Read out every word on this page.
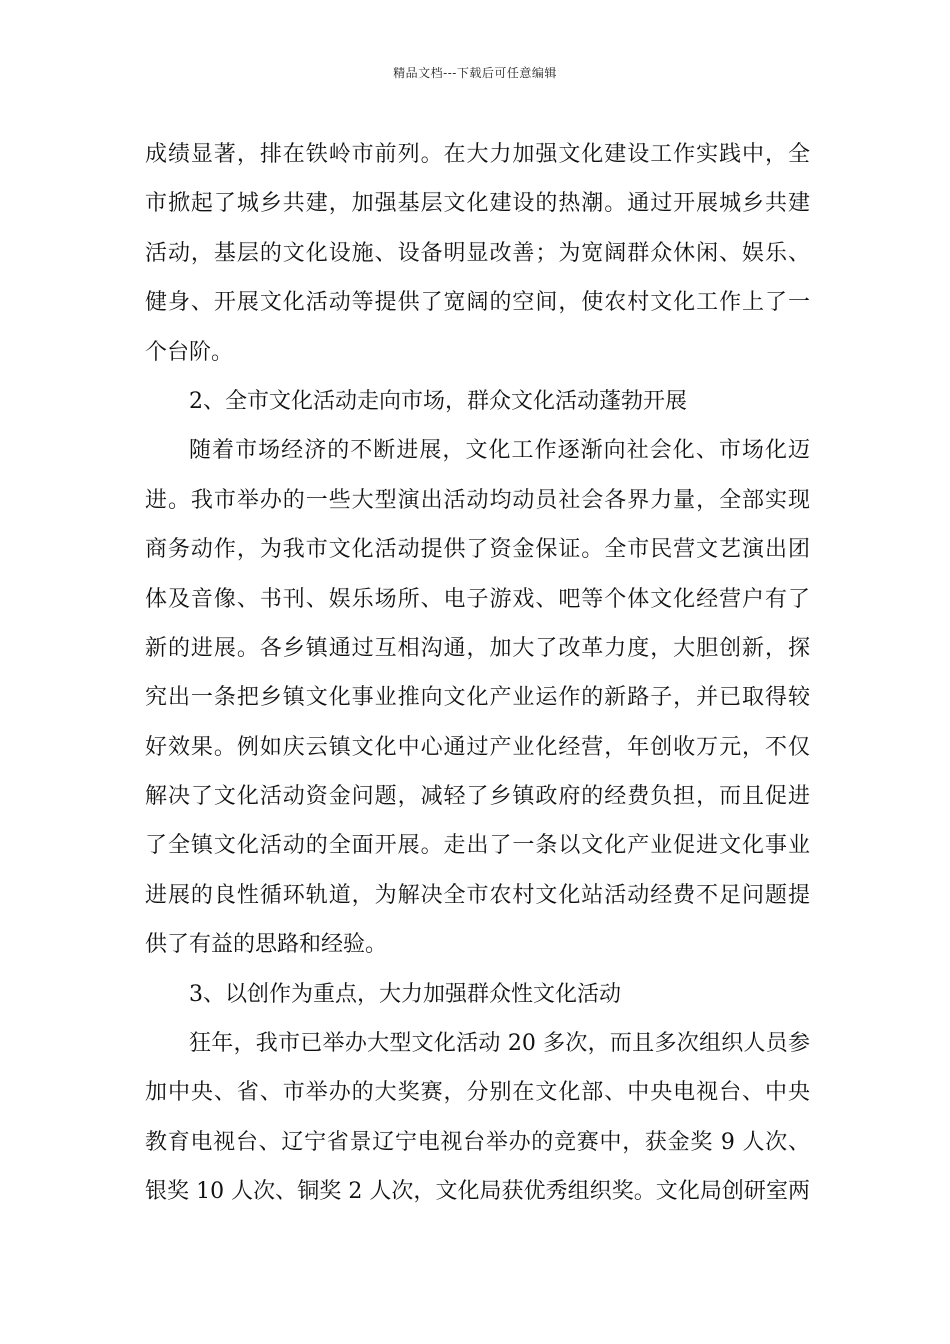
精品文档---下载后可任意编辑
成绩显著，排在铁岭市前列。在大力加强文化建设工作实践中，全
市掀起了城乡共建，加强基层文化建设的热潮。通过开展城乡共建
活动，基层的文化设施、设备明显改善；为宽阔群众休闲、娱乐、
健身、开展文化活动等提供了宽阔的空间，使农村文化工作上了一
个台阶。
2、全市文化活动走向市场，群众文化活动蓬勃开展
随着市场经济的不断进展，文化工作逐渐向社会化、市场化迈
进。我市举办的一些大型演出活动均动员社会各界力量，全部实现
商务动作，为我市文化活动提供了资金保证。全市民营文艺演出团
体及音像、书刊、娱乐场所、电子游戏、吧等个体文化经营户有了
新的进展。各乡镇通过互相沟通，加大了改革力度，大胆创新，探
究出一条把乡镇文化事业推向文化产业运作的新路子，并已取得较
好效果。例如庆云镇文化中心通过产业化经营，年创收万元，不仅
解决了文化活动资金问题，减轻了乡镇政府的经费负担，而且促进
了全镇文化活动的全面开展。走出了一条以文化产业促进文化事业
进展的良性循环轨道，为解决全市农村文化站活动经费不足问题提
供了有益的思路和经验。
3、以创作为重点，大力加强群众性文化活动
狂年，我市已举办大型文化活动 20 多次，而且多次组织人员参
加中央、省、市举办的大奖赛，分别在文化部、中央电视台、中央
教育电视台、辽宁省景辽宁电视台举办的竞赛中，获金奖 9 人次、
银奖 10 人次、铜奖 2 人次，文化局获优秀组织奖。文化局创研室两
